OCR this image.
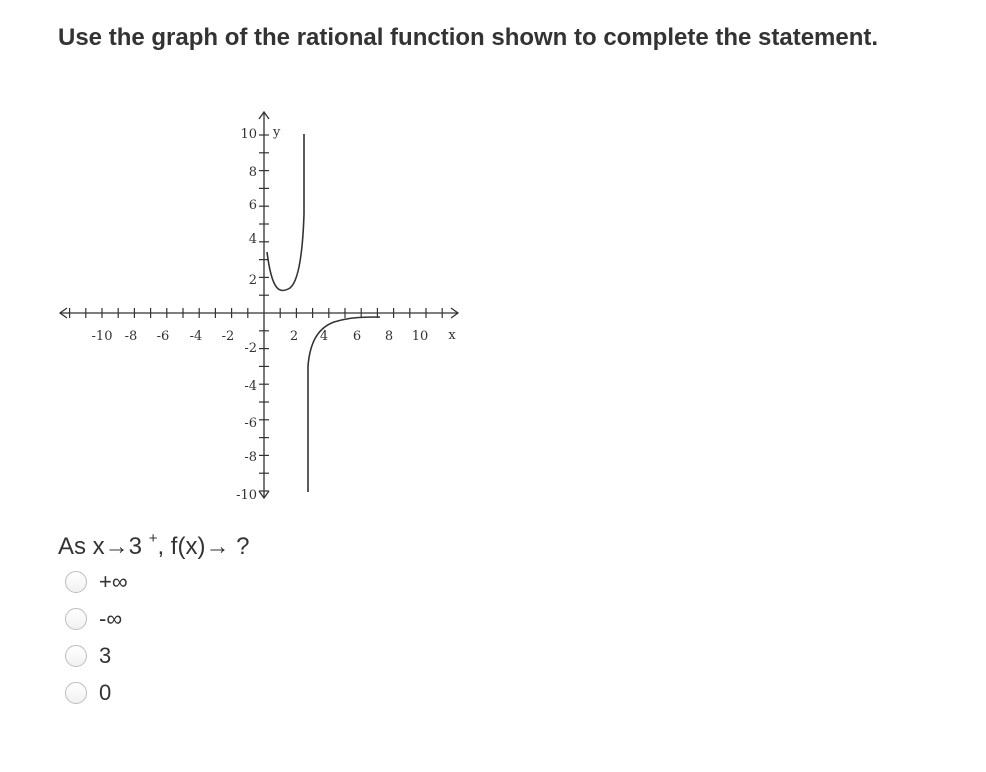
Use the graph of the rational function shown to complete the statement.
-10 -8 -6 -4 -2	2 4 6 8 10 x
y
10
8
6
4
2
-2
-4
-6
-8
-10
As x→3 +, f(x)→ ?
+∞
-∞
3
0
